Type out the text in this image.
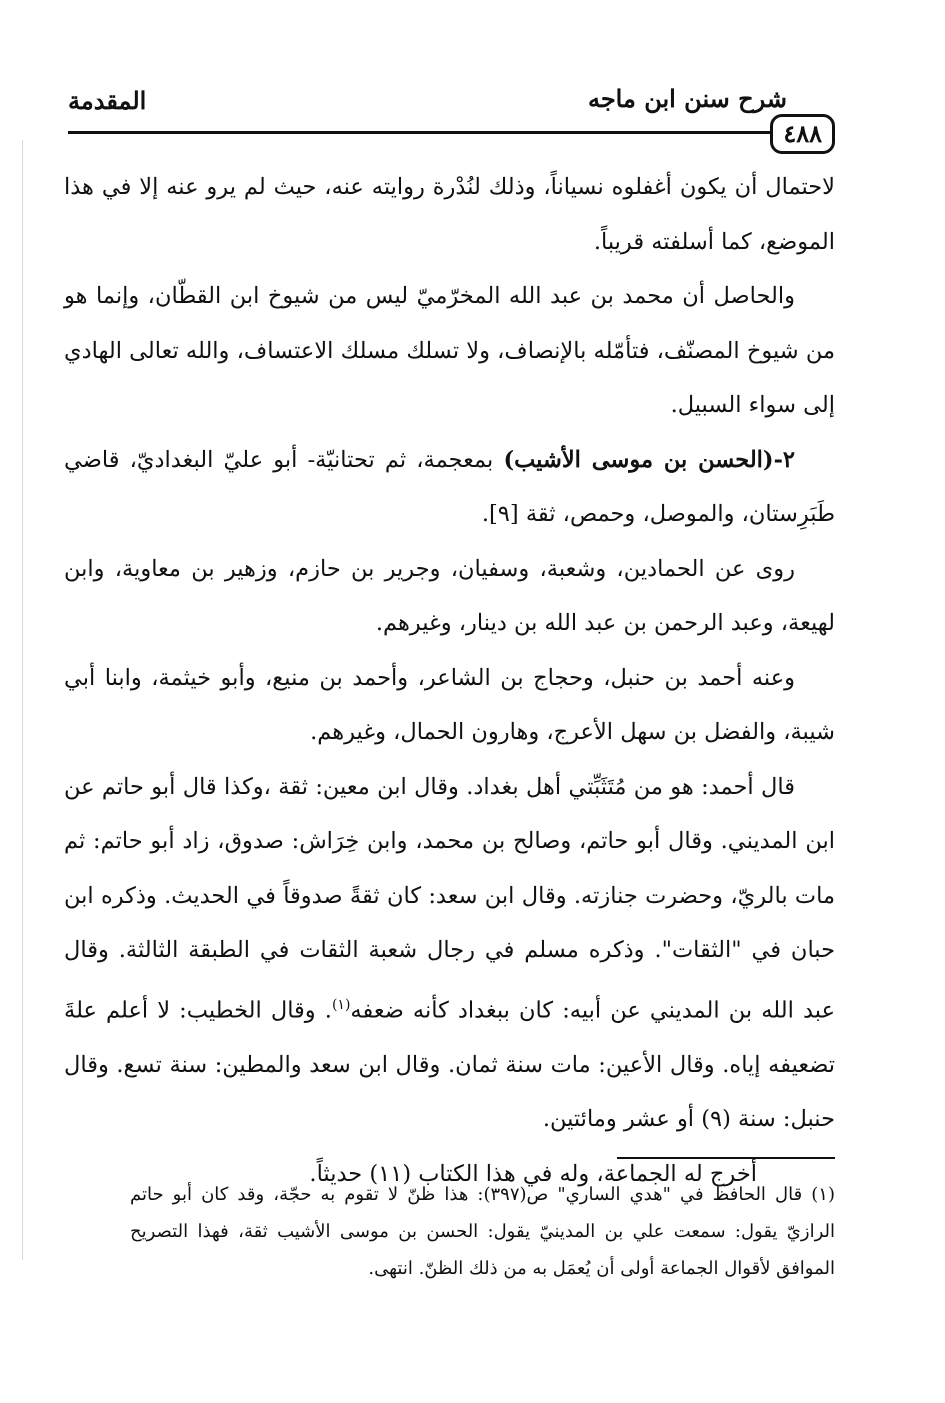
شرح سنن ابن ماجه
المقدمة
٤٨٨

لاحتمال أن يكون أغفلوه نسياناً، وذلك لنُدْرة روايته عنه، حيث لم يرو عنه إلا في هذا الموضع، كما أسلفته قريباً.

والحاصل أن محمد بن عبد الله المخرّميّ ليس من شيوخ ابن القطّان، وإنما هو من شيوخ المصنّف، فتأمّله بالإنصاف، ولا تسلك مسلك الاعتساف، والله تعالى الهادي إلى سواء السبيل.

٢-(الحسن بن موسى الأشيب) بمعجمة، ثم تحتانيّة- أبو عليّ البغداديّ، قاضي طَبَرِستان، والموصل، وحمص، ثقة [٩].

روى عن الحمادين، وشعبة، وسفيان، وجرير بن حازم، وزهير بن معاوية، وابن لهيعة، وعبد الرحمن بن عبد الله بن دينار، وغيرهم.

وعنه أحمد بن حنبل، وحجاج بن الشاعر، وأحمد بن منيع، وأبو خيثمة، وابنا أبي شيبة، والفضل بن سهل الأعرج، وهارون الحمال، وغيرهم.

قال أحمد: هو من مُتَثَبِّتي أهل بغداد. وقال ابن معين: ثقة ،وكذا قال أبو حاتم عن ابن المديني. وقال أبو حاتم، وصالح بن محمد، وابن خِرَاش: صدوق، زاد أبو حاتم: ثم مات بالريّ، وحضرت جنازته. وقال ابن سعد: كان ثقةً صدوقاً في الحديث. وذكره ابن حبان في "الثقات". وذكره مسلم في رجال شعبة الثقات في الطبقة الثالثة. وقال عبد الله بن المديني عن أبيه: كان ببغداد كأنه ضعفه$^{(١)}$. وقال الخطيب: لا أعلم علةَ تضعيفه إياه. وقال الأعين: مات سنة ثمان. وقال ابن سعد والمطين: سنة تسع. وقال حنبل: سنة (٩) أو عشر ومائتين.

أخرج له الجماعة، وله في هذا الكتاب (١١) حديثاً.

(١) قال الحافظ في "هدي الساري" ص(٣٩٧): هذا ظنّ لا تقوم به حجّة، وقد كان أبو حاتم الرازيّ يقول: سمعت علي بن المدينيّ يقول: الحسن بن موسى الأشيب ثقة، فهذا التصريح الموافق لأقوال الجماعة أولى أن يُعمَل به من ذلك الظنّ. انتهى.
